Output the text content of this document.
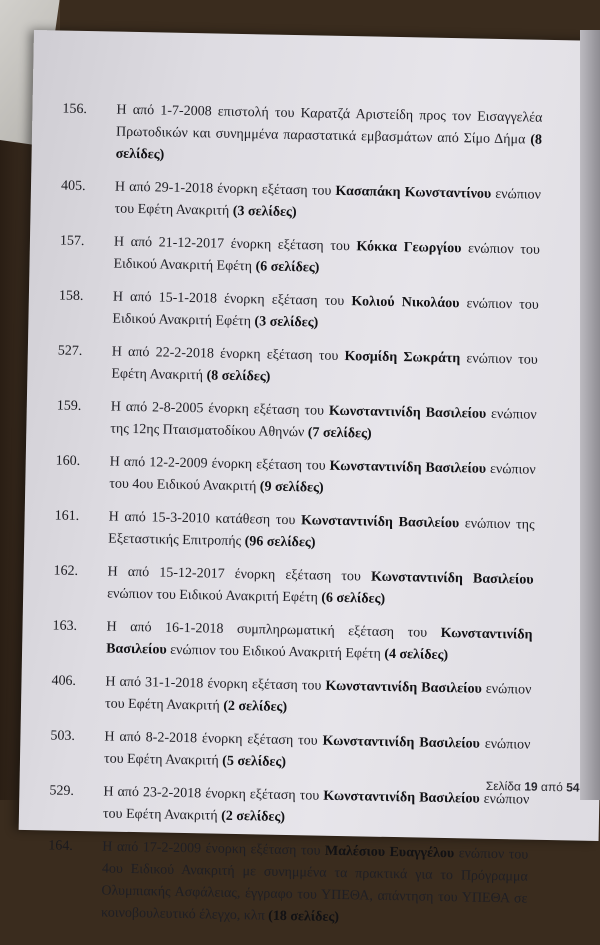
156.	Η από 1-7-2008 επιστολή του Καρατζά Αριστείδη προς τον Εισαγγελέα Πρωτοδικών και συνημμένα παραστατικά εμβασμάτων από Σίμο Δήμα (8 σελίδες)
405.	Η από 29-1-2018 ένορκη εξέταση του Κασαπάκη Κωνσταντίνου ενώπιον του Εφέτη Ανακριτή (3 σελίδες)
157.	Η από 21-12-2017 ένορκη εξέταση του Κόκκα Γεωργίου ενώπιον του Ειδικού Ανακριτή Εφέτη (6 σελίδες)
158.	Η από 15-1-2018 ένορκη εξέταση του Κολιού Νικολάου ενώπιον του Ειδικού Ανακριτή Εφέτη (3 σελίδες)
527.	Η από 22-2-2018 ένορκη εξέταση του Κοσμίδη Σωκράτη ενώπιον του Εφέτη Ανακριτή (8 σελίδες)
159.	Η από 2-8-2005 ένορκη εξέταση του Κωνσταντινίδη Βασιλείου ενώπιον της 12ης Πταισματοδίκου Αθηνών (7 σελίδες)
160.	Η από 12-2-2009 ένορκη εξέταση του Κωνσταντινίδη Βασιλείου ενώπιον του 4ου Ειδικού Ανακριτή (9 σελίδες)
161.	Η από 15-3-2010 κατάθεση του Κωνσταντινίδη Βασιλείου ενώπιον της Εξεταστικής Επιτροπής (96 σελίδες)
162.	Η από 15-12-2017 ένορκη εξέταση του Κωνσταντινίδη Βασιλείου ενώπιον του Ειδικού Ανακριτή Εφέτη (6 σελίδες)
163.	Η από 16-1-2018 συμπληρωματική εξέταση του Κωνσταντινίδη Βασιλείου ενώπιον του Ειδικού Ανακριτή Εφέτη (4 σελίδες)
406.	Η από 31-1-2018 ένορκη εξέταση του Κωνσταντινίδη Βασιλείου ενώπιον του Εφέτη Ανακριτή (2 σελίδες)
503.	Η από 8-2-2018 ένορκη εξέταση του Κωνσταντινίδη Βασιλείου ενώπιον του Εφέτη Ανακριτή (5 σελίδες)
529.	Η από 23-2-2018 ένορκη εξέταση του Κωνσταντινίδη Βασιλείου ενώπιον του Εφέτη Ανακριτή (2 σελίδες)
164.	Η από 17-2-2009 ένορκη εξέταση του Μαλέσιου Ευαγγέλου ενώπιον του 4ου Ειδικού Ανακριτή με συνημμένα τα πρακτικά για το Πρόγραμμα Ολυμπιακής Ασφάλειας, έγγραφο του ΥΠΕΘΑ, απάντηση του ΥΠΕΘΑ σε κοινοβουλευτικό έλεγχο, κλπ (18 σελίδες)
Σελίδα 19 από 54
